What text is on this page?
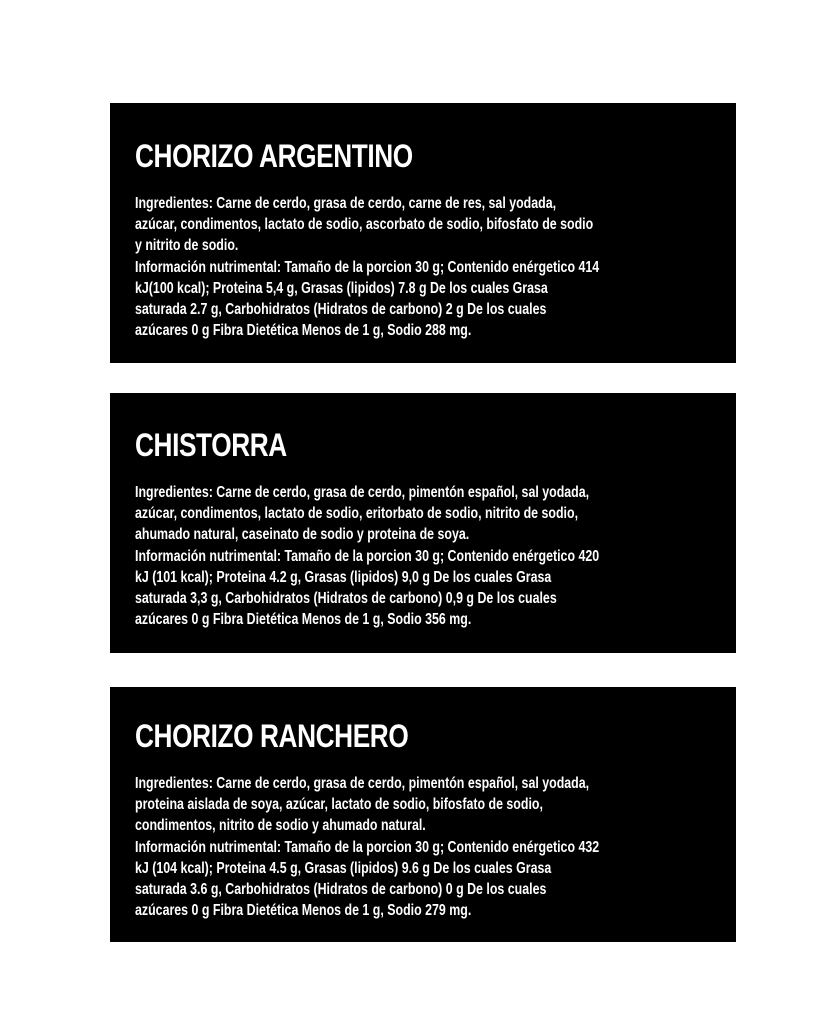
CHORIZO ARGENTINO
Ingredientes: Carne de cerdo, grasa de cerdo, carne de res, sal yodada,
azúcar, condimentos, lactato de sodio, ascorbato de sodio, bifosfato de sodio
y nitrito de sodio.
Información nutrimental: Tamaño de la porcion 30 g; Contenido enérgetico 414
kJ(100 kcal); Proteina 5,4 g, Grasas (lipidos) 7.8 g De los cuales Grasa
saturada 2.7 g, Carbohidratos (Hidratos de carbono) 2 g De los cuales
azúcares 0 g Fibra Dietética Menos de 1 g, Sodio 288 mg.
CHISTORRA
Ingredientes: Carne de cerdo, grasa de cerdo, pimentón español, sal yodada,
azúcar, condimentos, lactato de sodio, eritorbato de sodio, nitrito de sodio,
ahumado natural, caseinato de sodio y proteina de soya.
Información nutrimental: Tamaño de la porcion 30 g; Contenido enérgetico 420
kJ (101 kcal); Proteina 4.2 g, Grasas (lipidos) 9,0 g De los cuales Grasa
saturada 3,3 g, Carbohidratos (Hidratos de carbono) 0,9 g De los cuales
azúcares 0 g Fibra Dietética Menos de 1 g, Sodio 356 mg.
CHORIZO RANCHERO
Ingredientes: Carne de cerdo, grasa de cerdo, pimentón español, sal yodada,
proteina aislada de soya, azúcar, lactato de sodio, bifosfato de sodio,
condimentos, nitrito de sodio y ahumado natural.
Información nutrimental: Tamaño de la porcion 30 g; Contenido enérgetico 432
kJ (104 kcal); Proteina 4.5 g, Grasas (lipidos) 9.6 g De los cuales Grasa
saturada 3.6 g, Carbohidratos (Hidratos de carbono) 0 g De los cuales
azúcares 0 g Fibra Dietética Menos de 1 g, Sodio 279 mg.
